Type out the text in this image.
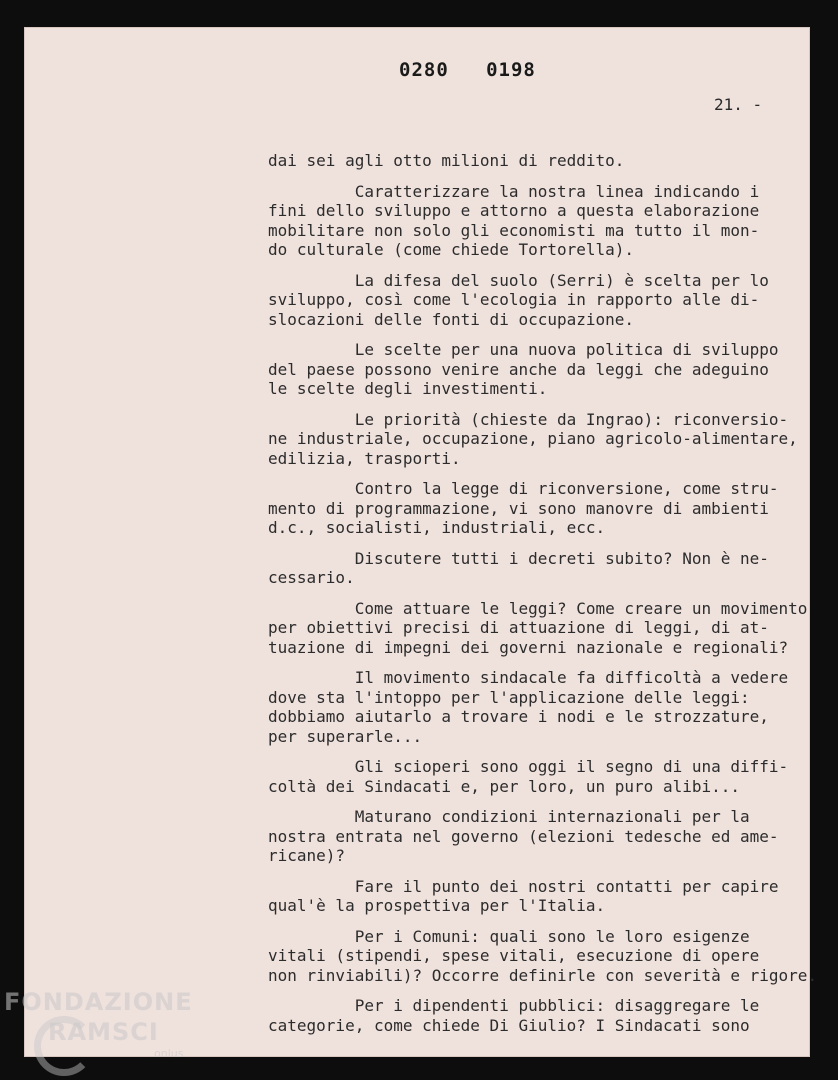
0280   0198
21. -
dai sei agli otto milioni di reddito.
Caratterizzare la nostra linea indicando i
fini dello sviluppo e attorno a questa elaborazione
mobilitare non solo gli economisti ma tutto il mon-
do culturale (come chiede Tortorella).
La difesa del suolo (Serri) è scelta per lo
sviluppo, così come l'ecologia in rapporto alle di-
slocazioni delle fonti di occupazione.
Le scelte per una nuova politica di sviluppo
del paese possono venire anche da leggi che adeguino
le scelte degli investimenti.
Le priorità (chieste da Ingrao): riconversio-
ne industriale, occupazione, piano agricolo-alimentare,
edilizia, trasporti.
Contro la legge di riconversione, come stru-
mento di programmazione, vi sono manovre di ambienti
d.c., socialisti, industriali, ecc.
Discutere tutti i decreti subito? Non è ne-
cessario.
Come attuare le leggi? Come creare un movimento
per obiettivi precisi di attuazione di leggi, di at-
tuazione di impegni dei governi nazionale e regionali?
Il movimento sindacale fa difficoltà a vedere
dove sta l'intoppo per l'applicazione delle leggi:
dobbiamo aiutarlo a trovare i nodi e le strozzature,
per superarle...
Gli scioperi sono oggi il segno di una diffi-
coltà dei Sindacati e, per loro, un puro alibi...
Maturano condizioni internazionali per la
nostra entrata nel governo (elezioni tedesche ed ame-
ricane)?
Fare il punto dei nostri contatti per capire
qual'è la prospettiva per l'Italia.
Per i Comuni: quali sono le loro esigenze
vitali (stipendi, spese vitali, esecuzione di opere
non rinviabili)? Occorre definirle con severità e rigore.
Per i dipendenti pubblici: disaggregare le
categorie, come chiede Di Giulio? I Sindacati sono
FONDAZIONE
RAMSCI
onlus
